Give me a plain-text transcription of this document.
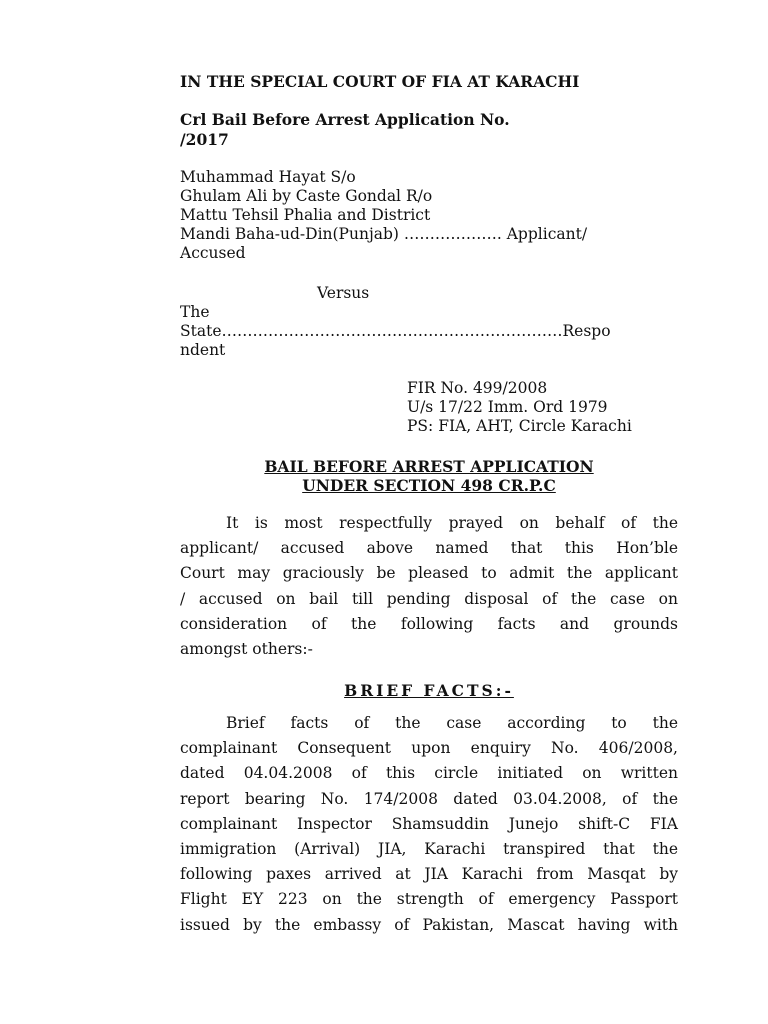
IN THE SPECIAL COURT OF FIA AT KARACHI
Crl Bail Before Arrest Application No.
/2017
Muhammad Hayat S/o
Ghulam Ali by Caste Gondal R/o
Mattu Tehsil Phalia and District
Mandi Baha-ud-Din(Punjab) ………………. Applicant/
Accused
Versus
The
State…………………………………………………………Respo
ndent
FIR No. 499/2008
U/s 17/22 Imm. Ord 1979
PS: FIA, AHT, Circle Karachi
BAIL BEFORE ARREST APPLICATION
UNDER SECTION 498 CR.P.C
It is most respectfully prayed on behalf of the
applicant/ accused above named that this Hon’ble
Court may graciously be pleased to admit the applicant
/ accused on bail till pending disposal of the case on
consideration of the following facts and grounds
amongst others:-
BRIEF FACTS:-
Brief facts of the case according to the
complainant Consequent upon enquiry No. 406/2008,
dated 04.04.2008 of this circle initiated on written
report bearing No. 174/2008 dated 03.04.2008, of the
complainant Inspector Shamsuddin Junejo shift-C FIA
immigration (Arrival) JIA, Karachi transpired that the
following paxes arrived at JIA Karachi from Masqat by
Flight EY 223 on the strength of emergency Passport
issued by the embassy of Pakistan, Mascat having with
